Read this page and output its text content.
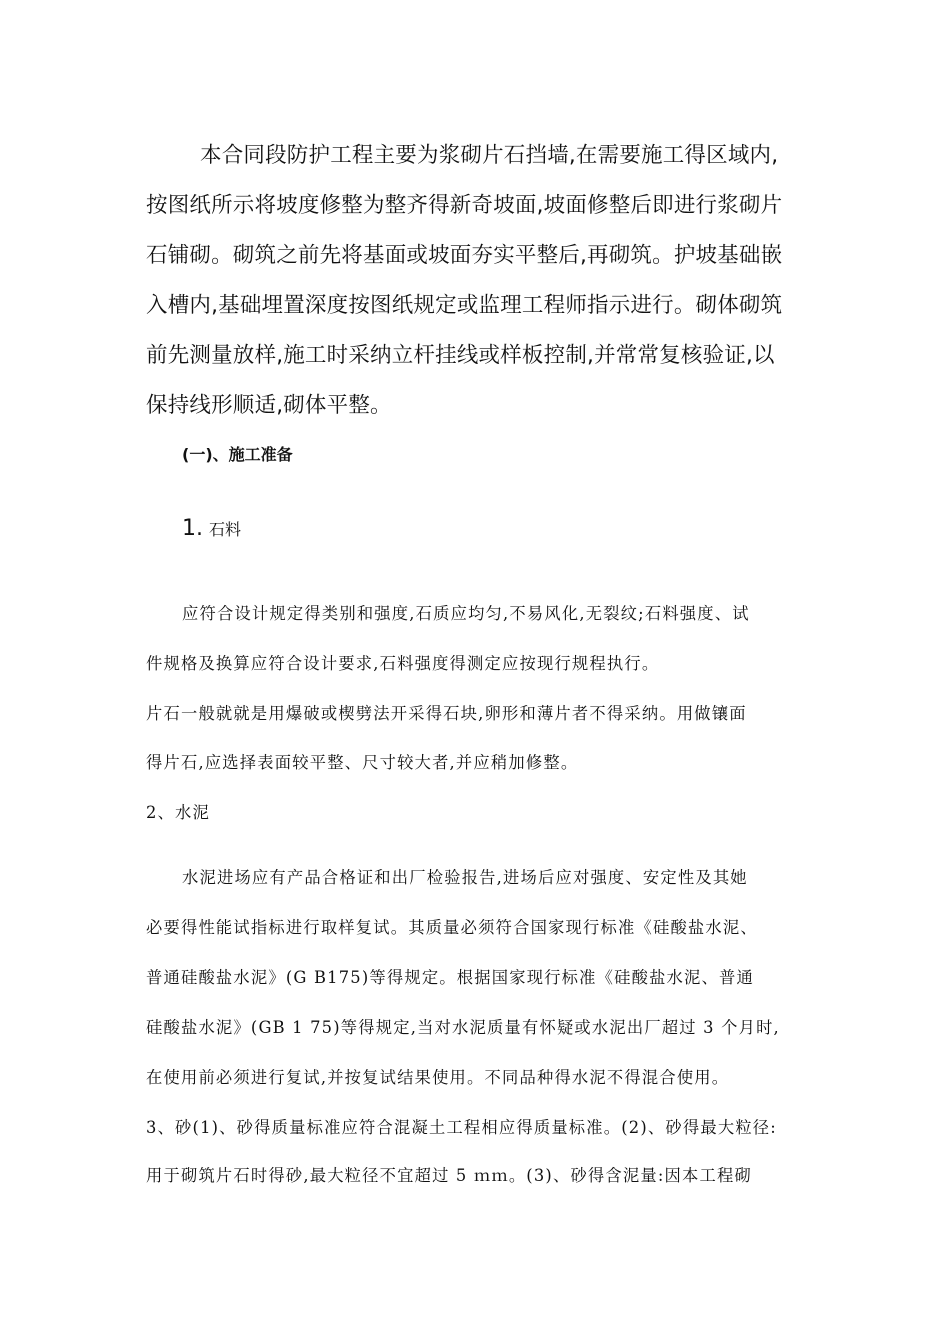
本合同段防护工程主要为浆砌片石挡墙,在需要施工得区域内,
按图纸所示将坡度修整为整齐得新奇坡面,坡面修整后即进行浆砌片
石铺砌。砌筑之前先将基面或坡面夯实平整后,再砌筑。护坡基础嵌
入槽内,基础埋置深度按图纸规定或监理工程师指示进行。砌体砌筑
前先测量放样,施工时采纳立杆挂线或样板控制,并常常复核验证,以
保持线形顺适,砌体平整。
(一)、施工准备
1. 石料
应符合设计规定得类别和强度,石质应均匀,不易风化,无裂纹;石料强度、试
件规格及换算应符合设计要求,石料强度得测定应按现行规程执行。
片石一般就就是用爆破或楔劈法开采得石块,卵形和薄片者不得采纳。用做镶面
得片石,应选择表面较平整、尺寸较大者,并应稍加修整。
2、水泥
水泥进场应有产品合格证和出厂检验报告,进场后应对强度、安定性及其她
必要得性能试指标进行取样复试。其质量必须符合国家现行标准《硅酸盐水泥、
普通硅酸盐水泥》(G B175)等得规定。根据国家现行标准《硅酸盐水泥、普通
硅酸盐水泥》(GB 1 75)等得规定,当对水泥质量有怀疑或水泥出厂超过 3 个月时,
在使用前必须进行复试,并按复试结果使用。不同品种得水泥不得混合使用。
3、砂(1)、砂得质量标准应符合混凝土工程相应得质量标准。(2)、砂得最大粒径:
用于砌筑片石时得砂,最大粒径不宜超过 5 ｍｍ。(3)、砂得含泥量:因本工程砌
